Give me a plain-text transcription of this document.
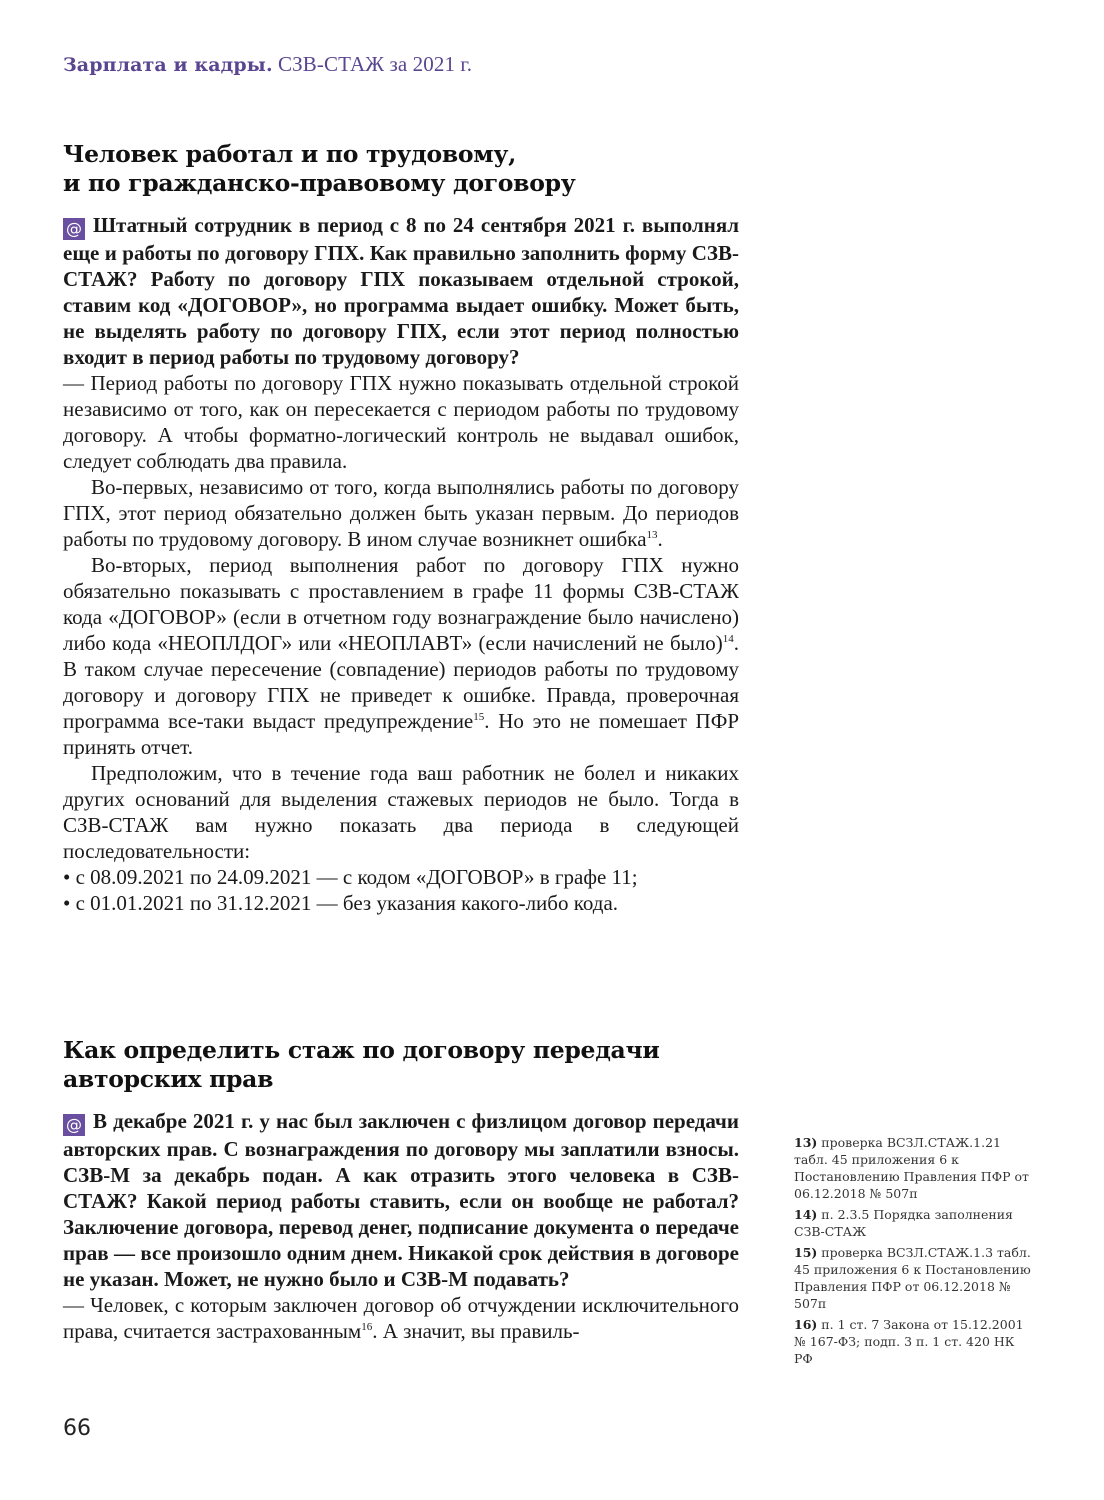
Зарплата и кадры. СЗВ-СТАЖ за 2021 г.
Человек работал и по трудовому,
и по гражданско-правовому договору

@ Штатный сотрудник в период с 8 по 24 сентября 2021 г. выполнял еще и работы по договору ГПХ. Как правильно заполнить форму СЗВ-СТАЖ? Работу по договору ГПХ показываем отдельной строкой, ставим код «ДОГОВОР», но программа выдает ошибку. Может быть, не выделять работу по договору ГПХ, если этот период полностью входит в период работы по трудовому договору?

— Период работы по договору ГПХ нужно показывать отдельной строкой независимо от того, как он пересекается с периодом работы по трудовому договору. А чтобы форматно-логический контроль не выдавал ошибок, следует соблюдать два правила.

Во-первых, независимо от того, когда выполнялись работы по договору ГПХ, этот период обязательно должен быть указан первым. До периодов работы по трудовому договору. В ином случае возникнет ошибка$^{13}$.

Во-вторых, период выполнения работ по договору ГПХ нужно обязательно показывать с проставлением в графе 11 формы СЗВ-СТАЖ кода «ДОГОВОР» (если в отчетном году вознаграждение было начислено) либо кода «НЕОПЛДОГ» или «НЕОПЛАВТ» (если начислений не было)$^{14}$. В таком случае пересечение (совпадение) периодов работы по трудовому договору и договору ГПХ не приведет к ошибке. Правда, проверочная программа все-таки выдаст предупреждение$^{15}$. Но это не помешает ПФР принять отчет.

Предположим, что в течение года ваш работник не болел и никаких других оснований для выделения стажевых периодов не было. Тогда в СЗВ-СТАЖ вам нужно показать два периода в следующей последовательности:

• с 08.09.2021 по 24.09.2021 — с кодом «ДОГОВОР» в графе 11;
• с 01.01.2021 по 31.12.2021 — без указания какого-либо кода.
Как определить стаж по договору передачи
авторских прав

@ В декабре 2021 г. у нас был заключен с физлицом договор передачи авторских прав. С вознаграждения по договору мы заплатили взносы. СЗВ-М за декабрь подан. А как отразить этого человека в СЗВ-СТАЖ? Какой период работы ставить, если он вообще не работал? Заключение договора, перевод денег, подписание документа о передаче прав — все произошло одним днем. Никакой срок действия в договоре не указан. Может, не нужно было и СЗВ-М подавать?

— Человек, с которым заключен договор об отчуждении исключительного права, считается застрахованным$^{16}$. А значит, вы правиль-

13) проверка ВСЗЛ.СТАЖ.1.21 табл. 45 приложения 6 к Постановлению Правления ПФР от 06.12.2018 № 507п
14) п. 2.3.5 Порядка заполнения СЗВ-СТАЖ
15) проверка ВСЗЛ.СТАЖ.1.3 табл. 45 приложения 6 к Постановлению Правления ПФР от 06.12.2018 № 507п
16) п. 1 ст. 7 Закона от 15.12.2001 № 167-ФЗ; подп. 3 п. 1 ст. 420 НК РФ
66
